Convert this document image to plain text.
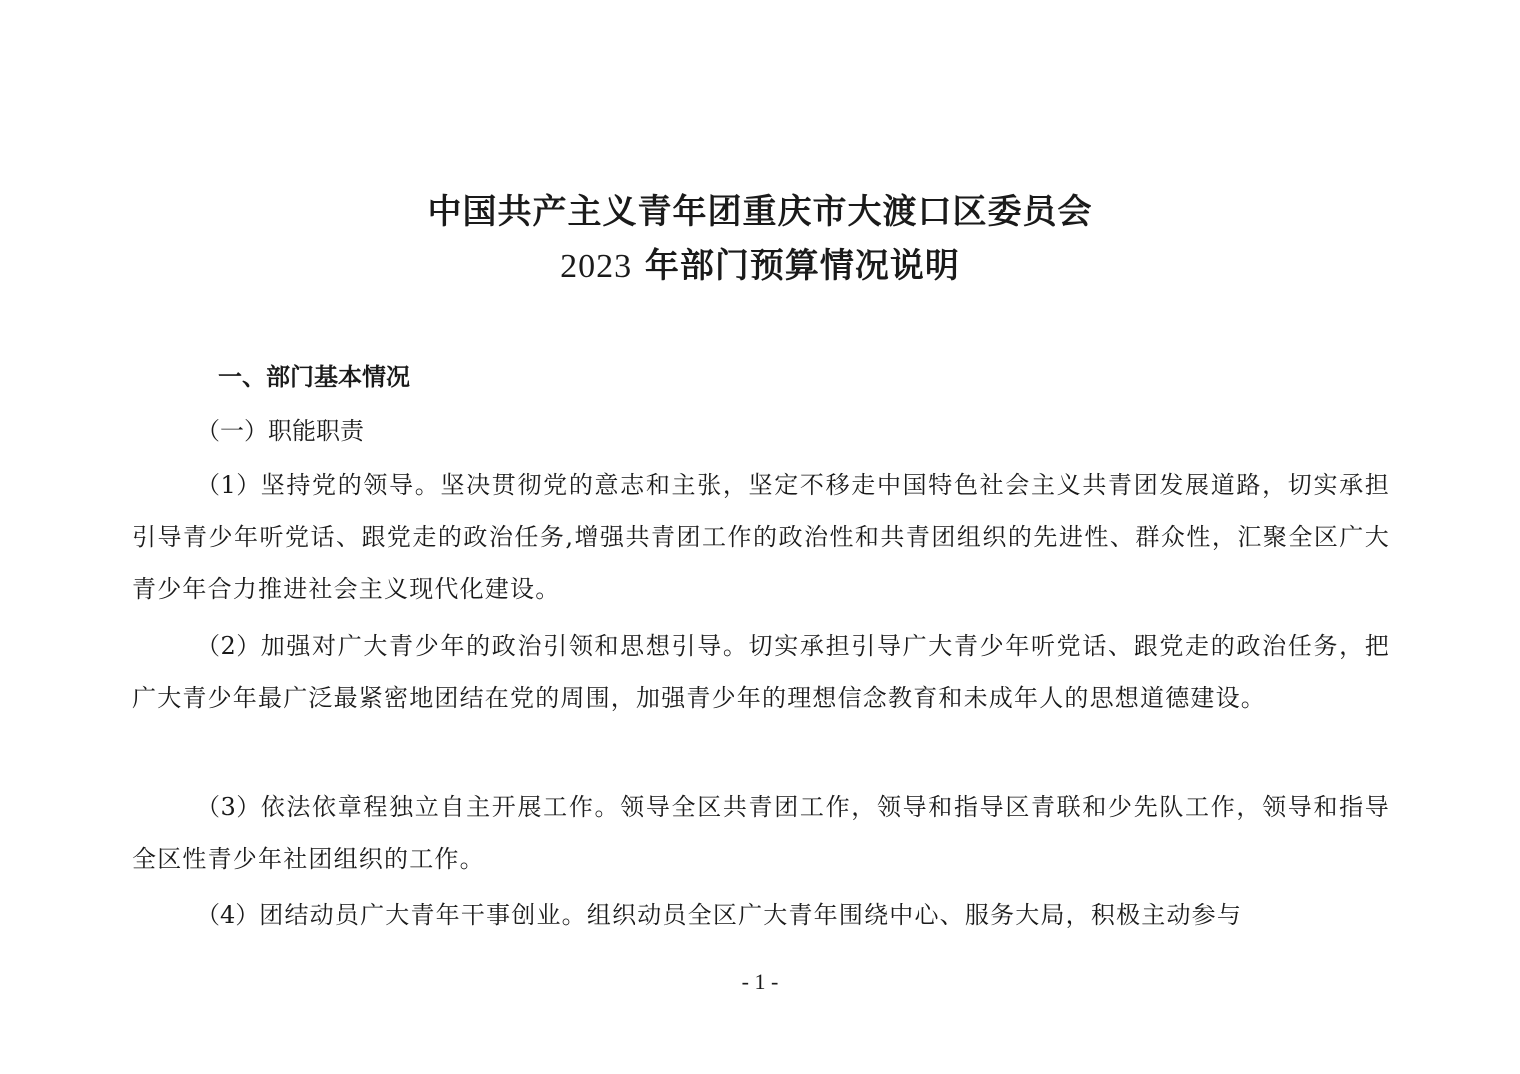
中国共产主义青年团重庆市大渡口区委员会
2023 年部门预算情况说明
一、部门基本情况
（一）职能职责
（1）坚持党的领导。坚决贯彻党的意志和主张，坚定不移走中国特色社会主义共青团发展道路，切实承担引导青少年听党话、跟党走的政治任务,增强共青团工作的政治性和共青团组织的先进性、群众性，汇聚全区广大青少年合力推进社会主义现代化建设。
（2）加强对广大青少年的政治引领和思想引导。切实承担引导广大青少年听党话、跟党走的政治任务，把广大青少年最广泛最紧密地团结在党的周围，加强青少年的理想信念教育和未成年人的思想道德建设。
（3）依法依章程独立自主开展工作。领导全区共青团工作，领导和指导区青联和少先队工作，领导和指导全区性青少年社团组织的工作。
（4）团结动员广大青年干事创业。组织动员全区广大青年围绕中心、服务大局，积极主动参与
- 1 -
